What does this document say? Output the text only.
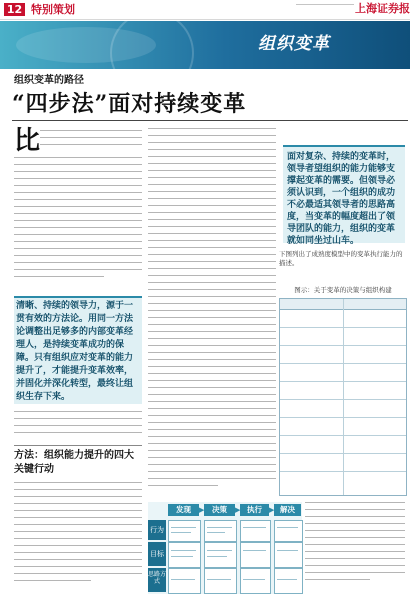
12 特别策划	上海证券报
组织变革
组织变革的路径
“四步法”面对持续变革
比
清晰、持续的领导力，源于一贯有效的方法论。用同一方法论调整出足够多的内部变革经理人，是持续变革成功的保障。只有组织应对变革的能力提升了，才能提升变革效率，并固化并深化转型，最终让组织生存下来。
方法：组织能力提升的四大关键行动
面对复杂、持续的变革时，领导者望组织的能力能够支撑起变革的需要。但领导必须认识到，一个组织的成功不必最适其领导者的思路高度，当变革的幅度超出了领导团队的能力，组织的变革就如同坐过山车。
下图列出了成熟度模型中的变革执行能力的描述。
图示：关于变革的决策与组织构建
发现	▶	决策	▶ 执行	▶ 解决
行为
目标
思路方式
